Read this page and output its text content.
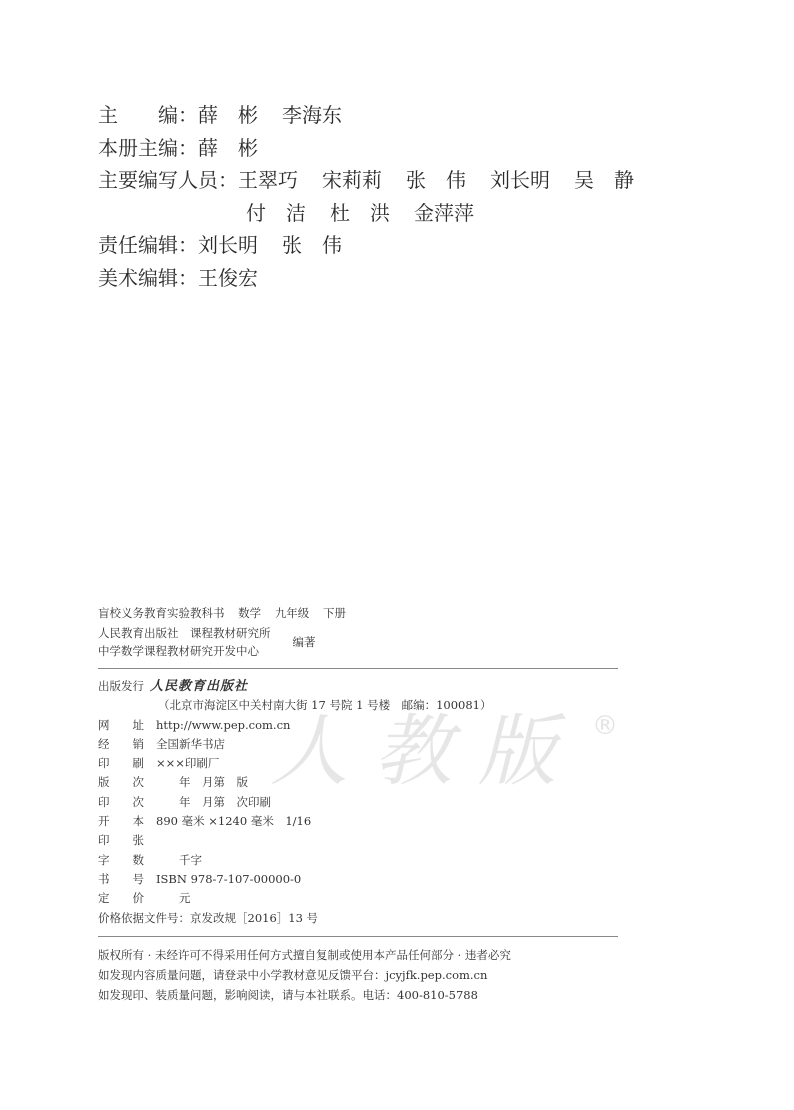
主　　编： 薛　彬 李海东
本册主编： 薛　彬
主要编写人员： 王翠巧 宋莉莉 张　伟 刘长明 吴　静
付　洁 杜　洪 金萍萍
责任编辑： 刘长明 张　伟
美术编辑： 王俊宏
人教版 ®
盲校义务教育实验教科书 数学 九年级 下册
人民教育出版社　课程教材研究所
中学数学课程教材研究开发中心
编著
出版发行 人民教育出版社
（北京市海淀区中关村南大街 17 号院 1 号楼　邮编：100081）
网　　址	http://www.pep.com.cn
经　　销	全国新华书店
印　　刷	×××印刷厂
版　　次	　　年　月第　版
印　　次	　　年　月第　次印刷
开　　本	890 毫米 ×1240 毫米　1/16
印　　张
字　　数	　　千字
书　　号	ISBN 978-7-107-00000-0
定　　价	　　元
价格依据文件号：京发改规［2016］13 号
版权所有 · 未经许可不得采用任何方式擅自复制或使用本产品任何部分 · 违者必究
如发现内容质量问题，请登录中小学教材意见反馈平台：jcyjfk.pep.com.cn
如发现印、装质量问题，影响阅读，请与本社联系。电话：400-810-5788
